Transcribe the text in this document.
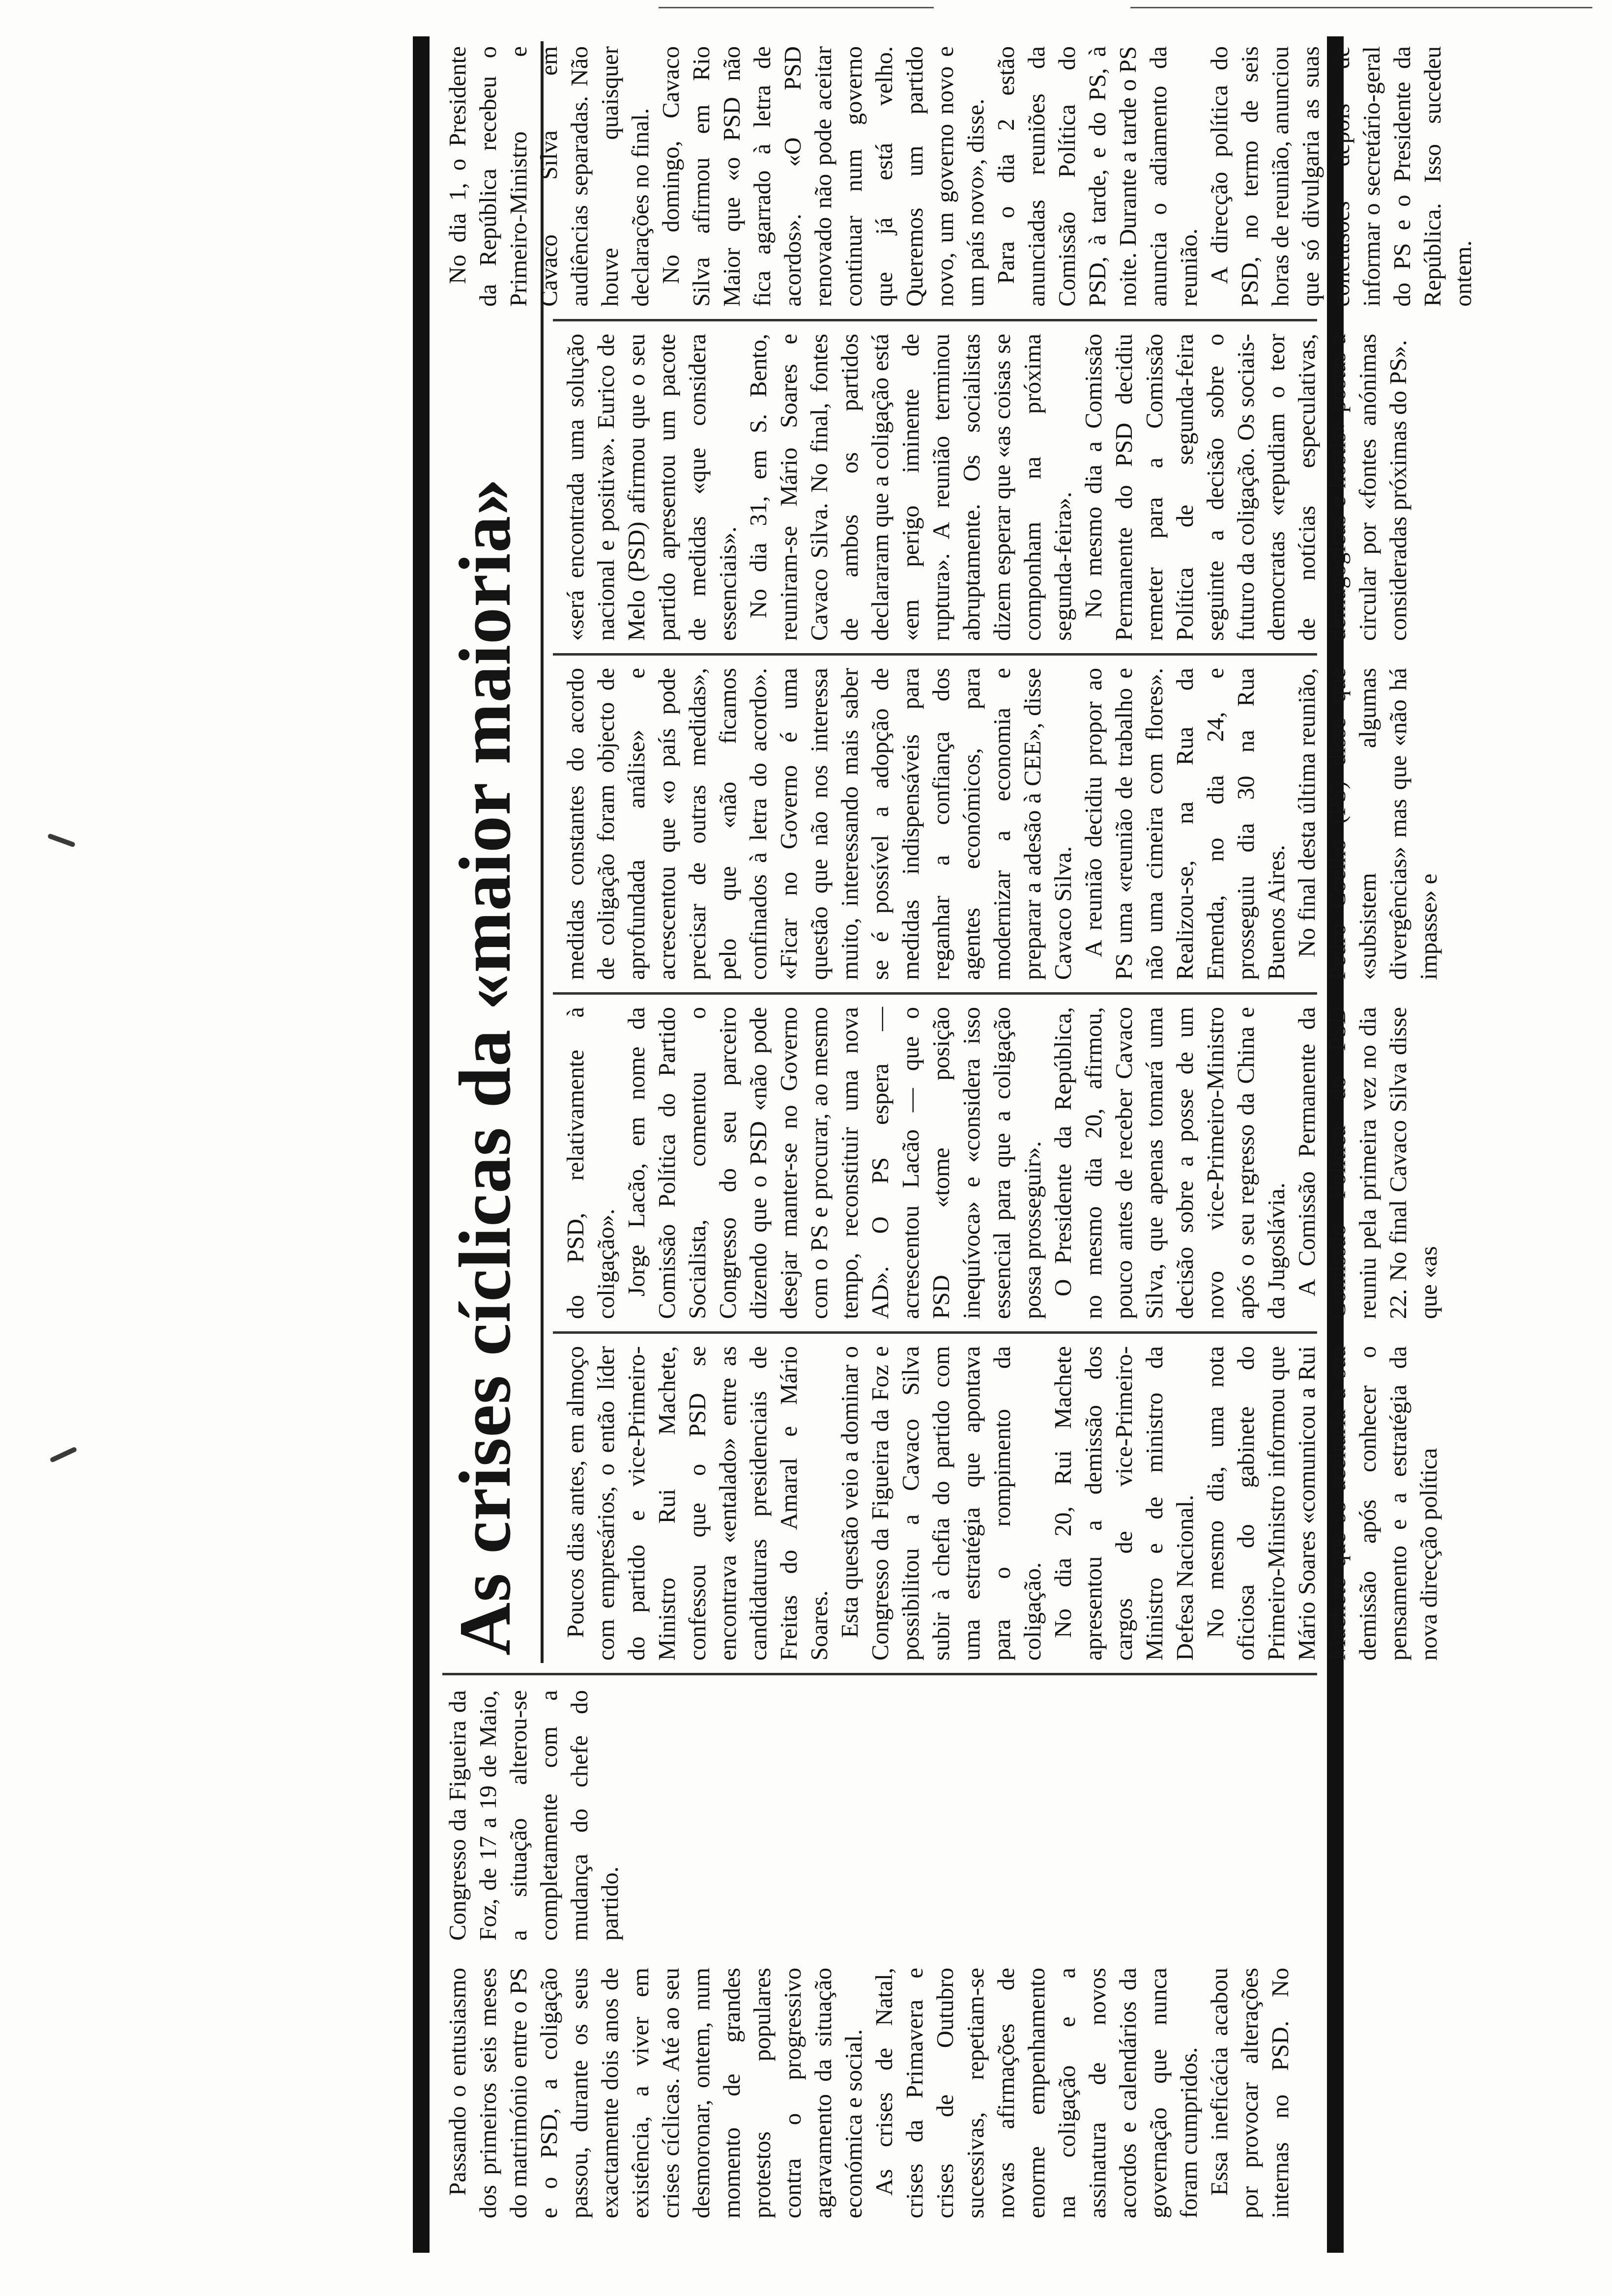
As crises cíclicas da «maior maioria»

Passando o entusiasmo dos primeiros seis meses do matrimónio entre o PS e o PSD, a coligação passou, durante os seus exactamente dois anos de existência, a viver em crises cíclicas. Até ao seu desmoronar, ontem, num momento de grandes protestos populares contra o progressivo agravamento da situação económica e social. As crises de Natal, crises da Primavera e crises de Outubro sucessivas, repetiam-se novas afirmações de enorme empenhamento na coligação e a assinatura de novos acordos e calendários da governação que nunca foram cumpridos. Essa ineficácia acabou por provocar alterações internas no PSD. No Congresso da Figueira da Foz, de 17 a 19 de Maio, a situação alterou-se completamente com a mudança do chefe do partido.

Poucos dias antes, em almoço com empresários, o então líder do partido e vice-Primeiro-Ministro Rui Machete, confessou que o PSD se encontrava «entalado» entre as candidaturas presidenciais de Freitas do Amaral e Mário Soares. Esta questão veio a dominar o Congresso da Figueira da Foz e possibilitou a Cavaco Silva subir à chefia do partido com uma estratégia que apontava para o rompimento da coligação. No dia 20, Rui Machete apresentou a demissão dos cargos de vice-Primeiro-Ministro e de ministro da Defesa Nacional. No mesmo dia, uma nota oficiosa do gabinete do Primeiro-Ministro informou que Mário Soares «comunicou a Rui Machete que só aceitaria a sua demissão após conhecer o pensamento e a estratégia da nova direcção política

do PSD, relativamente à coligação». Jorge Lacão, em nome da Comissão Política do Partido Socialista, comentou o Congresso do seu parceiro dizendo que o PSD «não pode desejar manter-se no Governo com o PS e procurar, ao mesmo tempo, reconstituir uma nova AD». O PS espera — acrescentou Lacão — que o PSD «tome posição inequívoca» e «considera isso essencial para que a coligação possa prosseguir». O Presidente da República, no mesmo dia 20, afirmou, pouco antes de receber Cavaco Silva, que apenas tomará uma decisão sobre a posse de um novo vice-Primeiro-Ministro após o seu regresso da China e da Jugoslávia. A Comissão Permanente da Comissão Política do PSD reuniu pela primeira vez no dia 22. No final Cavaco Silva disse que «as

medidas constantes do acordo de coligação foram objecto de aprofundada análise» e acrescentou que «o país pode precisar de outras medidas», pelo que «não ficamos confinados à letra do acordo». «Ficar no Governo é uma questão que não nos interessa muito, interessando mais saber se é possível a adopção de medidas indispensáveis para reganhar a confiança dos agentes económicos, para modernizar a economia e preparar a adesão à CEE», disse Cavaco Silva. A reunião decidiu propor ao PS uma «reunião de trabalho e não uma cimeira com flores». Realizou-se, na Rua da Emenda, no dia 24, e prosseguiu dia 30 na Rua Buenos Aires. No final desta última reunião, Pedro Coelho (PS) disse que «subsistem algumas divergências» mas que «não há impasse» e

«será encontrada uma solução nacional e positiva». Eurico de Melo (PSD) afirmou que o seu partido apresentou um pacote de medidas «que considera essenciais». No dia 31, em S. Bento, reuniram-se Mário Soares e Cavaco Silva. No final, fontes de ambos os partidos declararam que a coligação está «em perigo iminente de ruptura». A reunião terminou abruptamente. Os socialistas dizem esperar que «as coisas se componham na próxima segunda-feira». No mesmo dia a Comissão Permanente do PSD decidiu remeter para a Comissão Política de segunda-feira seguinte a decisão sobre o futuro da coligação. Os sociais-democratas «repudiam o teor de notícias especulativas, demagógicas e hostis» postas a circular por «fontes anónimas consideradas próximas do PS».

No dia 1, o Presidente da República recebeu o Primeiro-Ministro e Cavaco Silva em audiências separadas. Não houve quaisquer declarações no final. No domingo, Cavaco Silva afirmou em Rio Maior que «o PSD não fica agarrado à letra de acordos». «O PSD renovado não pode aceitar continuar num governo que já está velho. Queremos um partido novo, um governo novo e um país novo», disse. Para o dia 2 estão anunciadas reuniões da Comissão Política do PSD, à tarde, e do PS, à noite. Durante a tarde o PS anuncia o adiamento da reunião. A direcção política do PSD, no termo de seis horas de reunião, anunciou que só divulgaria as suas conclusões depois de informar o secretário-geral do PS e o Presidente da República. Isso sucedeu ontem.
